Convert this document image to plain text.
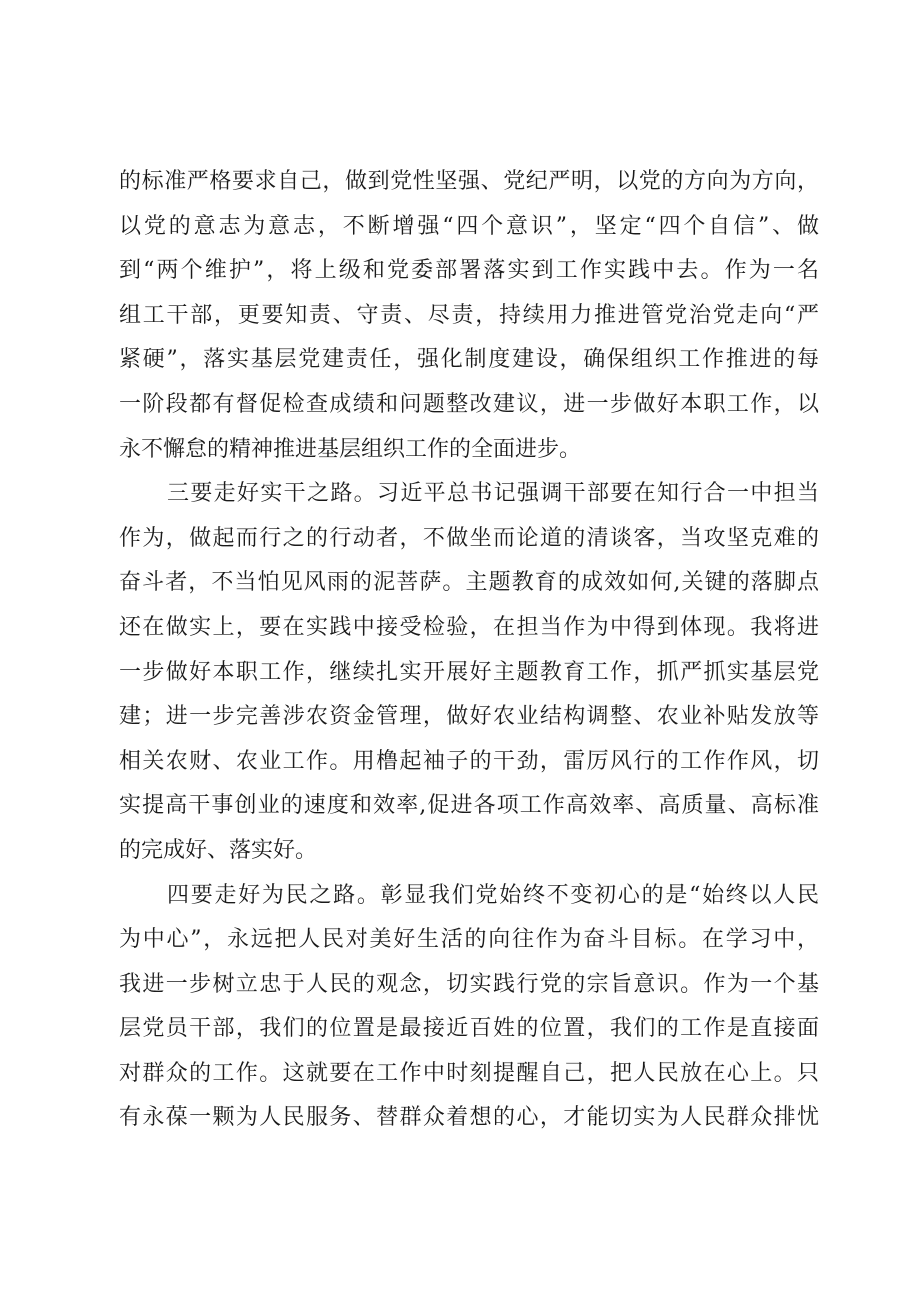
的标准严格要求自己，做到党性坚强、党纪严明，以党的方向为方向，
以党的意志为意志，不断增强“四个意识”，坚定“四个自信”、做
到“两个维护”，将上级和党委部署落实到工作实践中去。作为一名
组工干部，更要知责、守责、尽责，持续用力推进管党治党走向“严
紧硬”，落实基层党建责任，强化制度建设，确保组织工作推进的每
一阶段都有督促检查成绩和问题整改建议，进一步做好本职工作，以
永不懈怠的精神推进基层组织工作的全面进步。
三要走好实干之路。习近平总书记强调干部要在知行合一中担当
作为，做起而行之的行动者，不做坐而论道的清谈客，当攻坚克难的
奋斗者，不当怕见风雨的泥菩萨。主题教育的成效如何,关键的落脚点
还在做实上，要在实践中接受检验，在担当作为中得到体现。我将进
一步做好本职工作，继续扎实开展好主题教育工作，抓严抓实基层党
建；进一步完善涉农资金管理，做好农业结构调整、农业补贴发放等
相关农财、农业工作。用橹起袖子的干劲，雷厉风行的工作作风，切
实提高干事创业的速度和效率,促进各项工作高效率、高质量、高标准
的完成好、落实好。
四要走好为民之路。彰显我们党始终不变初心的是“始终以人民
为中心”，永远把人民对美好生活的向往作为奋斗目标。在学习中，
我进一步树立忠于人民的观念，切实践行党的宗旨意识。作为一个基
层党员干部，我们的位置是最接近百姓的位置，我们的工作是直接面
对群众的工作。这就要在工作中时刻提醒自己，把人民放在心上。只
有永葆一颗为人民服务、替群众着想的心，才能切实为人民群众排忧
